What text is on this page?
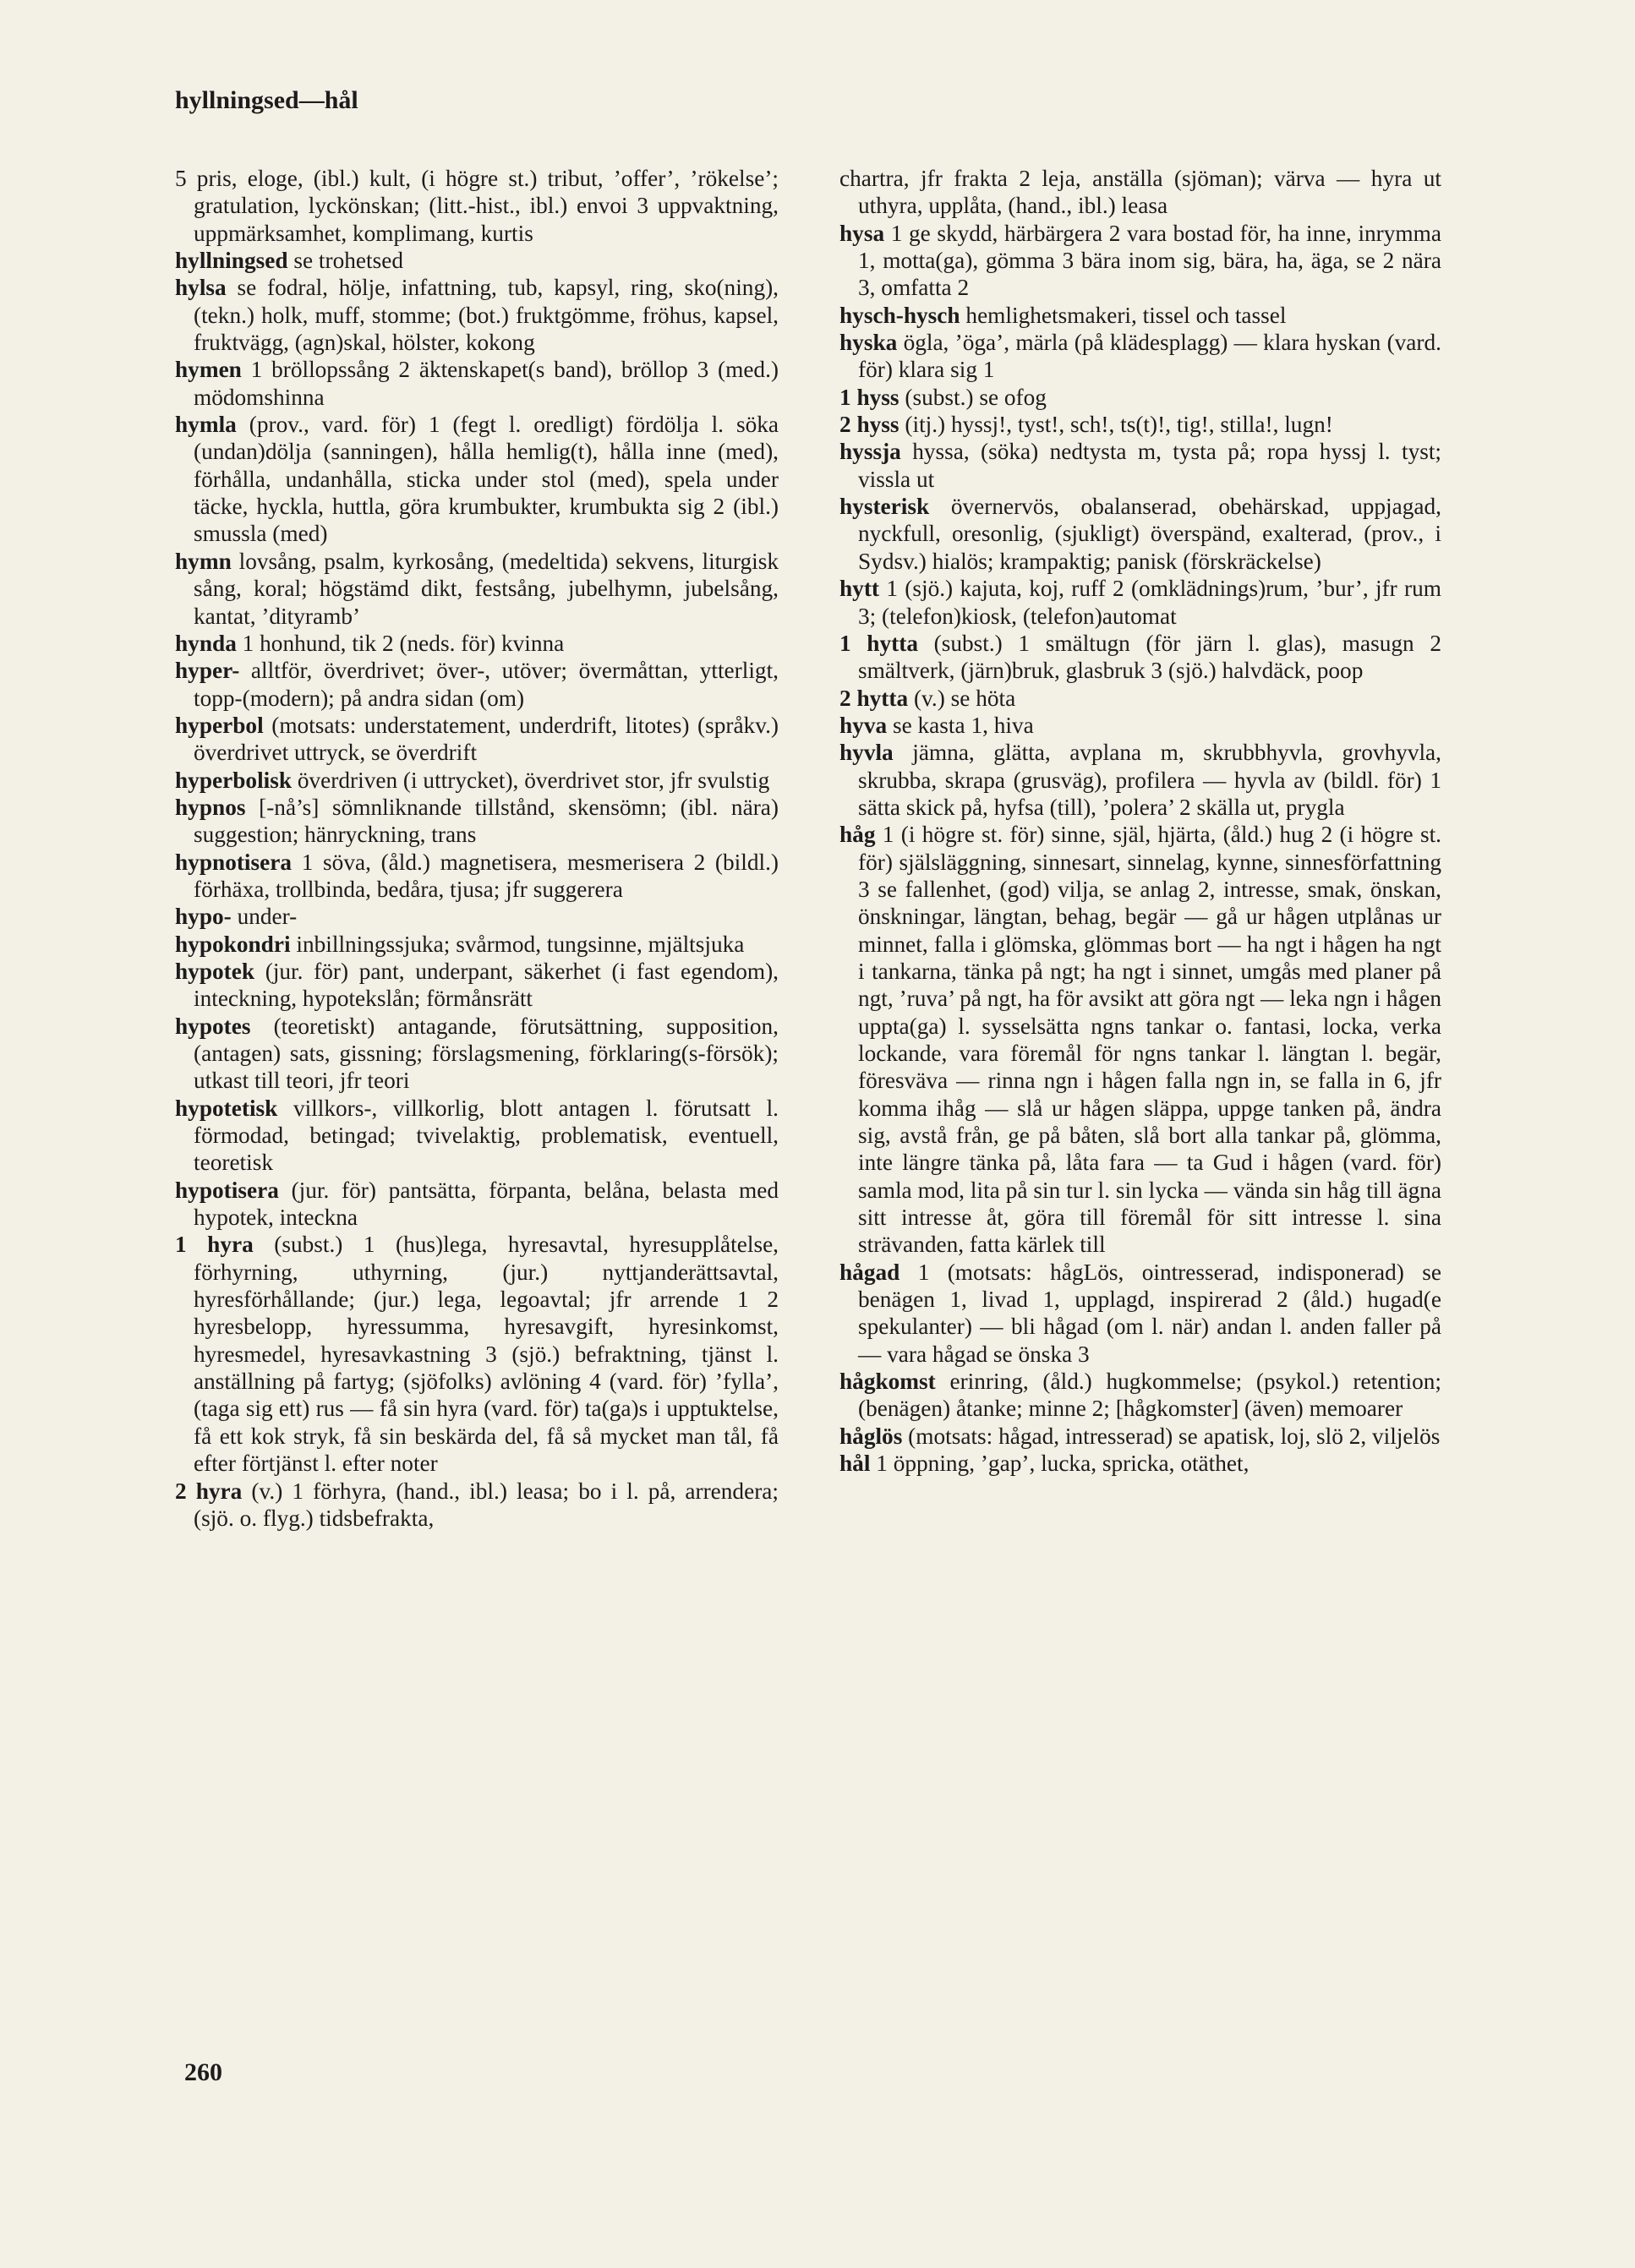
hyllningsed—hål

5 pris, eloge, (ibl.) kult, (i högre st.) tribut, ’offer’, ’rökelse’; gratulation, lyckönskan; (litt.-hist., ibl.) envoi 3 uppvaktning, uppmärksamhet, komplimang, kurtis

hyllningsed se trohetsed

hylsa se fodral, hölje, infattning, tub, kapsyl, ring, sko(ning), (tekn.) holk, muff, stomme; (bot.) fruktgömme, fröhus, kapsel, fruktvägg, (agn)skal, hölster, kokong

hymen 1 bröllopssång 2 äktenskapet(s band), bröllop 3 (med.) mödomshinna

hymla (prov., vard. för) 1 (fegt l. oredligt) fördölja l. söka (undan)dölja (sanningen), hålla hemlig(t), hålla inne (med), förhålla, undanhålla, sticka under stol (med), spela under täcke, hyckla, huttla, göra krumbukter, krumbukta sig 2 (ibl.) smussla (med)

hymn lovsång, psalm, kyrkosång, (medeltida) sekvens, liturgisk sång, koral; högstämd dikt, festsång, jubelhymn, jubelsång, kantat, ’dityramb’

hynda 1 honhund, tik 2 (neds. för) kvinna

hyper- alltför, överdrivet; över-, utöver; övermåttan, ytterligt, topp-(modern); på andra sidan (om)

hyperbol (motsats: understatement, underdrift, litotes) (språkv.) överdrivet uttryck, se överdrift

hyperbolisk överdriven (i uttrycket), överdrivet stor, jfr svulstig

hypnos [-nå’s] sömnliknande tillstånd, skensömn; (ibl. nära) suggestion; hänryckning, trans

hypnotisera 1 söva, (åld.) magnetisera, mesmerisera 2 (bildl.) förhäxa, trollbinda, bedåra, tjusa; jfr suggerera

hypo- under-

hypokondri inbillningssjuka; svårmod, tungsinne, mjältsjuka

hypotek (jur. för) pant, underpant, säkerhet (i fast egendom), inteckning, hypotekslån; förmånsrätt

hypotes (teoretiskt) antagande, förutsättning, supposition, (antagen) sats, gissning; förslagsmening, förklaring(s-försök); utkast till teori, jfr teori

hypotetisk villkors-, villkorlig, blott antagen l. förutsatt l. förmodad, betingad; tvivelaktig, problematisk, eventuell, teoretisk

hypotisera (jur. för) pantsätta, förpanta, belåna, belasta med hypotek, inteckna

1 hyra (subst.) 1 (hus)lega, hyresavtal, hyresupplåtelse, förhyrning, uthyrning, (jur.) nyttjanderättsavtal, hyresförhållande; (jur.) lega, legoavtal; jfr arrende 1 2 hyresbelopp, hyressumma, hyresavgift, hyresinkomst, hyresmedel, hyresavkastning 3 (sjö.) befraktning, tjänst l. anställning på fartyg; (sjöfolks) avlöning 4 (vard. för) ’fylla’, (taga sig ett) rus — få sin hyra (vard. för) ta(ga)s i upptuktelse, få ett kok stryk, få sin beskärda del, få så mycket man tål, få efter förtjänst l. efter noter

2 hyra (v.) 1 förhyra, (hand., ibl.) leasa; bo i l. på, arrendera; (sjö. o. flyg.) tidsbefrakta,

chartra, jfr frakta 2 leja, anställa (sjöman); värva — hyra ut uthyra, upplåta, (hand., ibl.) leasa

hysa 1 ge skydd, härbärgera 2 vara bostad för, ha inne, inrymma 1, motta(ga), gömma 3 bära inom sig, bära, ha, äga, se 2 nära 3, omfatta 2

hysch-hysch hemlighetsmakeri, tissel och tassel

hyska ögla, ’öga’, märla (på klädesplagg) — klara hyskan (vard. för) klara sig 1

1 hyss (subst.) se ofog

2 hyss (itj.) hyssj!, tyst!, sch!, ts(t)!, tig!, stilla!, lugn!

hyssja hyssa, (söka) nedtysta m, tysta på; ropa hyssj l. tyst; vissla ut

hysterisk övernervös, obalanserad, obehärskad, uppjagad, nyckfull, oresonlig, (sjukligt) överspänd, exalterad, (prov., i Sydsv.) hialös; krampaktig; panisk (förskräckelse)

hytt 1 (sjö.) kajuta, koj, ruff 2 (omklädnings)rum, ’bur’, jfr rum 3; (telefon)kiosk, (telefon)automat

1 hytta (subst.) 1 smältugn (för järn l. glas), masugn 2 smältverk, (järn)bruk, glasbruk 3 (sjö.) halvdäck, poop

2 hytta (v.) se höta

hyva se kasta 1, hiva

hyvla jämna, glätta, avplana m, skrubbhyvla, grovhyvla, skrubba, skrapa (grusväg), profilera — hyvla av (bildl. för) 1 sätta skick på, hyfsa (till), ’polera’ 2 skälla ut, prygla

håg 1 (i högre st. för) sinne, själ, hjärta, (åld.) hug 2 (i högre st. för) själsläggning, sinnesart, sinnelag, kynne, sinnesförfattning 3 se fallenhet, (god) vilja, se anlag 2, intresse, smak, önskan, önskningar, längtan, behag, begär — gå ur hågen utplånas ur minnet, falla i glömska, glömmas bort — ha ngt i hågen ha ngt i tankarna, tänka på ngt; ha ngt i sinnet, umgås med planer på ngt, ’ruva’ på ngt, ha för avsikt att göra ngt — leka ngn i hågen uppta(ga) l. sysselsätta ngns tankar o. fantasi, locka, verka lockande, vara föremål för ngns tankar l. längtan l. begär, föresväva — rinna ngn i hågen falla ngn in, se falla in 6, jfr komma ihåg — slå ur hågen släppa, uppge tanken på, ändra sig, avstå från, ge på båten, slå bort alla tankar på, glömma, inte längre tänka på, låta fara — ta Gud i hågen (vard. för) samla mod, lita på sin tur l. sin lycka — vända sin håg till ägna sitt intresse åt, göra till föremål för sitt intresse l. sina strävanden, fatta kärlek till

hågad 1 (motsats: hågLös, ointresserad, indisponerad) se benägen 1, livad 1, upplagd, inspirerad 2 (åld.) hugad(e spekulanter) — bli hågad (om l. när) andan l. anden faller på — vara hågad se önska 3

hågkomst erinring, (åld.) hugkommelse; (psykol.) retention; (benägen) åtanke; minne 2; [hågkomster] (även) memoarer

håglös (motsats: hågad, intresserad) se apatisk, loj, slö 2, viljelös

hål 1 öppning, ’gap’, lucka, spricka, otäthet,

260
